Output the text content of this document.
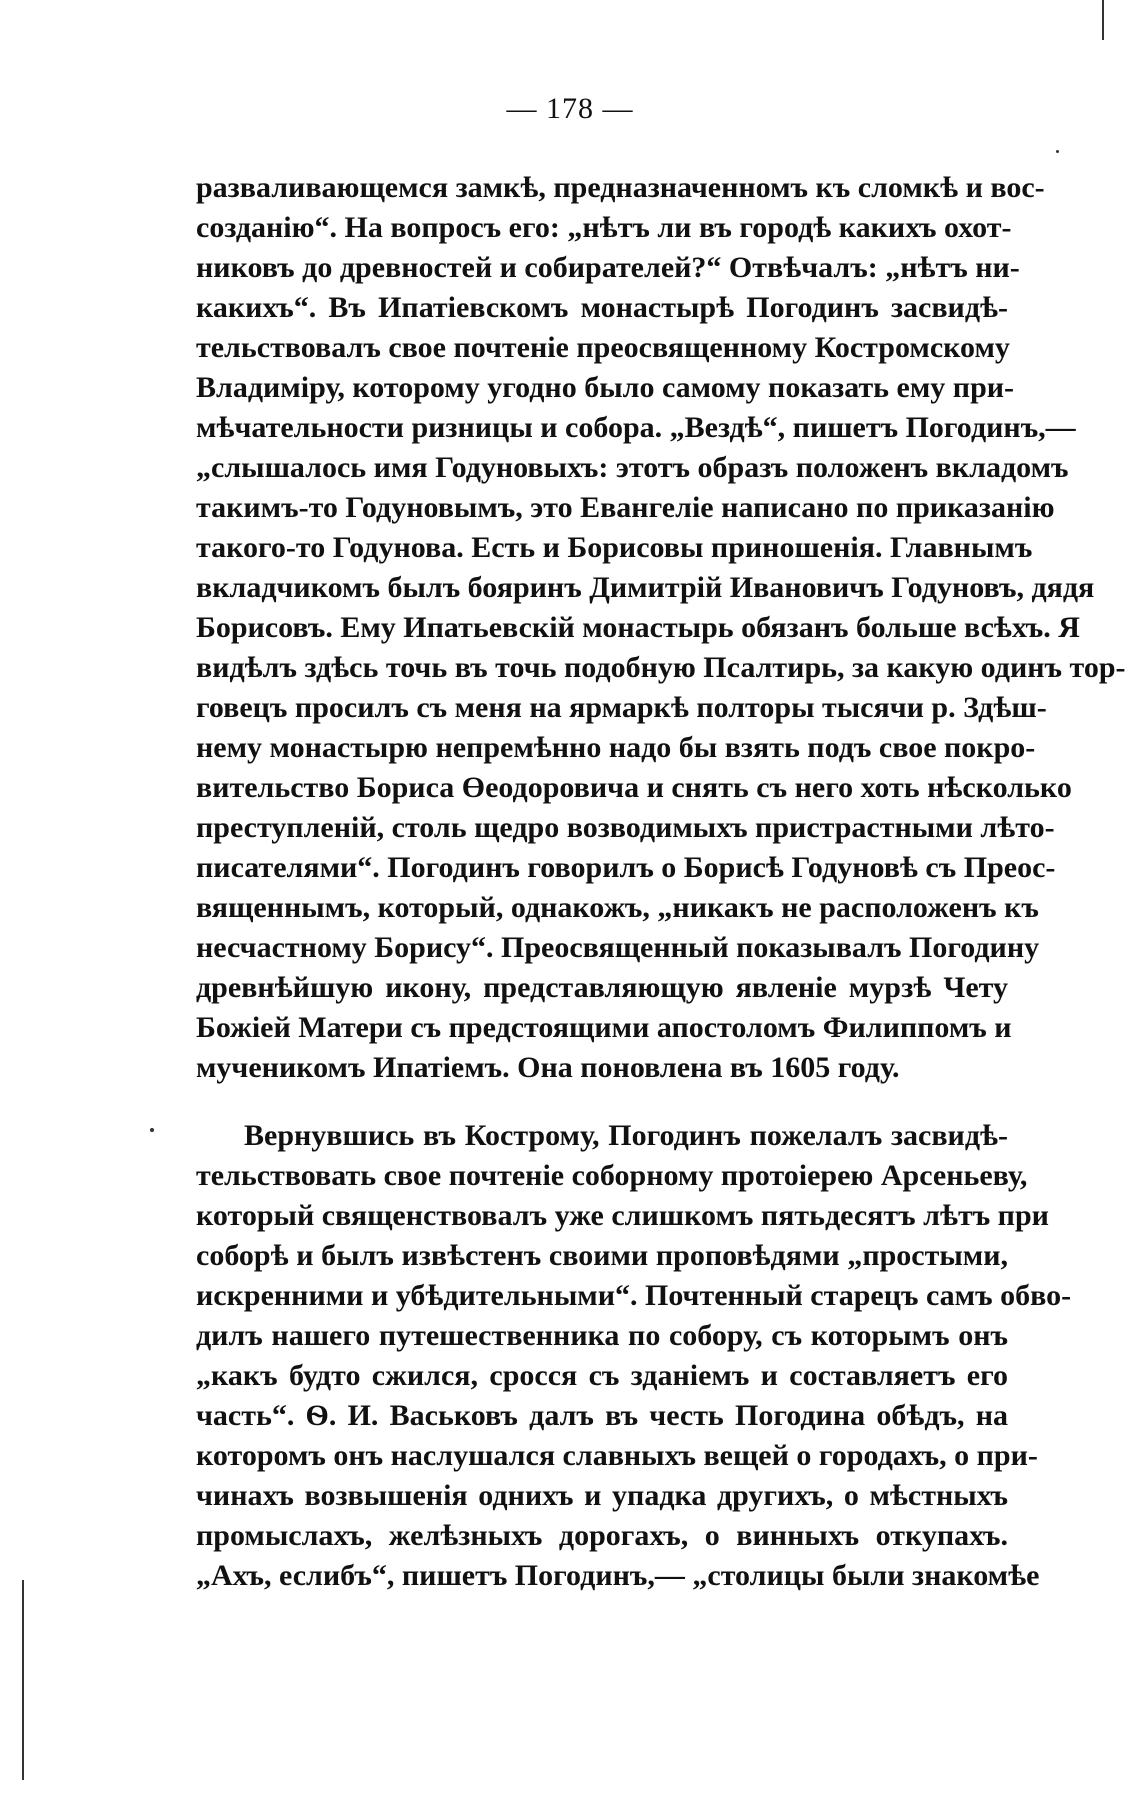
— 178 —
разваливающемся замкѣ, предназначенномъ къ сломкѣ и вос-
созданію“. На вопросъ его: „нѣтъ ли въ городѣ какихъ охот-
никовъ до древностей и собирателей?“ Отвѣчалъ: „нѣтъ ни-
какихъ“. Въ Ипатіевскомъ монастырѣ Погодинъ засвидѣ-
тельствовалъ свое почтеніе преосвященному Костромскому
Владиміру, которому угодно было самому показать ему при-
мѣчательности ризницы и собора. „Вездѣ“, пишетъ Погодинъ,—
„слышалось имя Годуновыхъ: этотъ образъ положенъ вкладомъ
такимъ-то Годуновымъ, это Евангеліе написано по приказанію
такого-то Годунова. Есть и Борисовы приношенія. Главнымъ
вкладчикомъ былъ бояринъ Димитрій Ивановичъ Годуновъ, дядя
Борисовъ. Ему Ипатьевскій монастырь обязанъ больше всѣхъ. Я
видѣлъ здѣсь точь въ точь подобную Псалтирь, за какую одинъ тор-
говецъ просилъ съ меня на ярмаркѣ полторы тысячи р. Здѣш-
нему монастырю непремѣнно надо бы взять подъ свое покро-
вительство Бориса Өеодоровича и снять съ него хоть нѣсколько
преступленій, столь щедро возводимыхъ пристрастными лѣто-
писателями“. Погодинъ говорилъ о Борисѣ Годуновѣ съ Преос-
вященнымъ, который, однакожъ, „никакъ не расположенъ къ
несчастному Борису“. Преосвященный показывалъ Погодину
древнѣйшую икону, представляющую явленіе мурзѣ Чету
Божіей Матери съ предстоящими апостоломъ Филиппомъ и
мученикомъ Ипатіемъ. Она поновлена въ 1605 году.
Вернувшись въ Кострому, Погодинъ пожелалъ засвидѣ-
тельствовать свое почтеніе соборному протоіерею Арсеньеву,
который священствовалъ уже слишкомъ пятьдесятъ лѣтъ при
соборѣ и былъ извѣстенъ своими проповѣдями „простыми,
искренними и убѣдительными“. Почтенный старецъ самъ обво-
дилъ нашего путешественника по собору, съ которымъ онъ
„какъ будто сжился, сросся съ зданіемъ и составляетъ его
часть“. Ѳ. И. Васьковъ далъ въ честь Погодина обѣдъ, на
которомъ онъ наслушался славныхъ вещей о городахъ, о при-
чинахъ возвышенія однихъ и упадка другихъ, о мѣстныхъ
промыслахъ, желѣзныхъ дорогахъ, о винныхъ откупахъ.
„Ахъ, еслибъ“, пишетъ Погодинъ,— „столицы были знакомѣе
